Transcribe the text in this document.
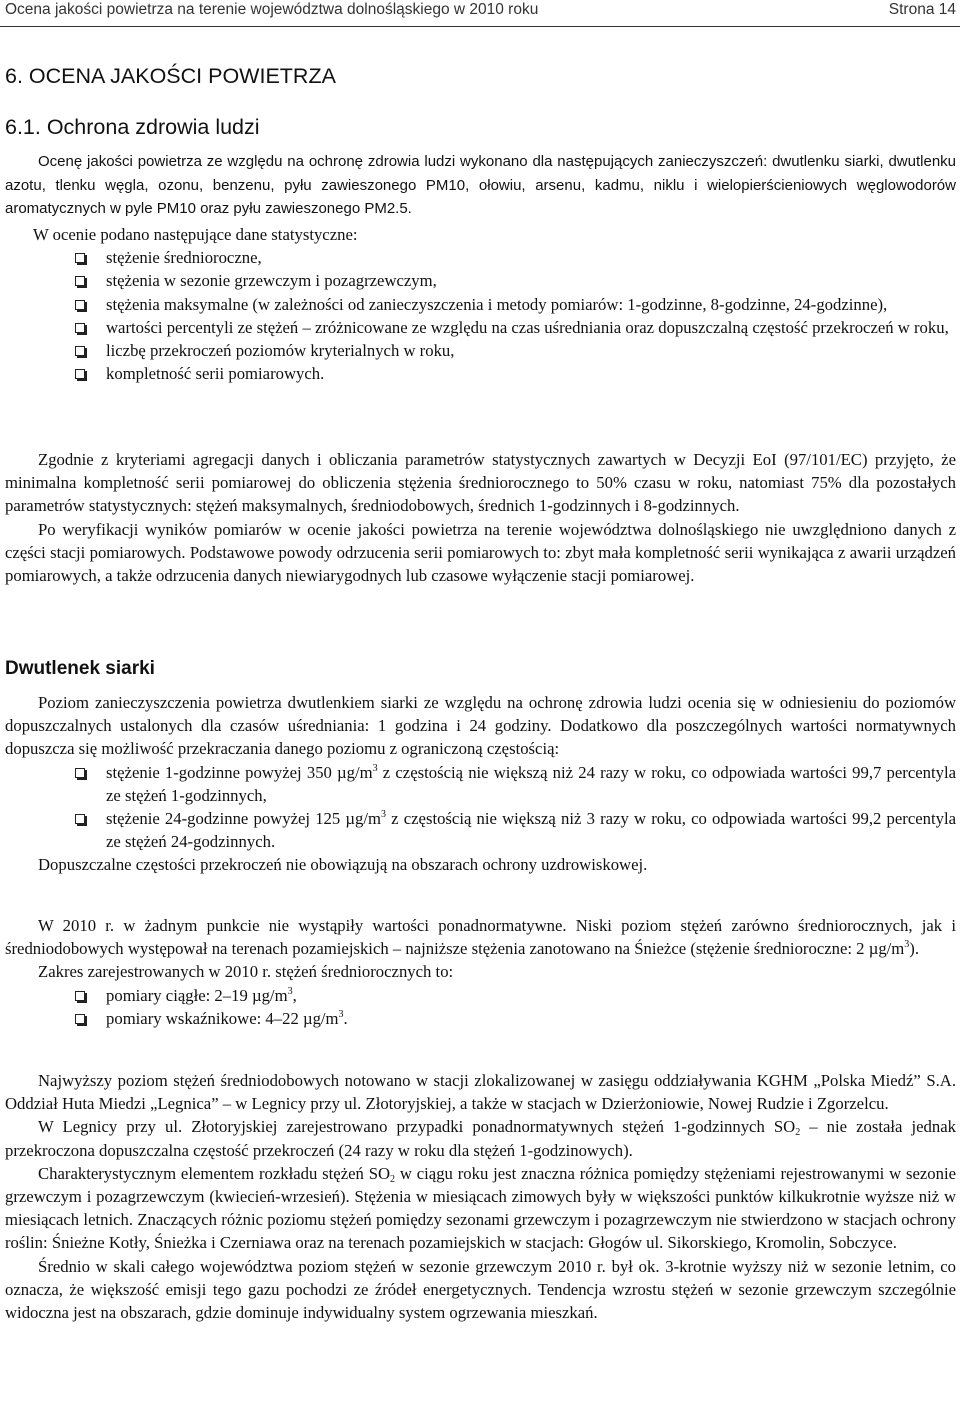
Ocena jakości powietrza na terenie województwa dolnośląskiego w 2010 roku	Strona 14
6. OCENA JAKOŚCI POWIETRZA
6.1. Ochrona zdrowia ludzi

Ocenę jakości powietrza ze względu na ochronę zdrowia ludzi wykonano dla następujących zanieczyszczeń: dwutlenku siarki, dwutlenku azotu, tlenku węgla, ozonu, benzenu, pyłu zawieszonego PM10, ołowiu, arsenu, kadmu, niklu i wielopierścieniowych węglowodorów aromatycznych w pyle PM10 oraz pyłu zawieszonego PM2.5.

W ocenie podano następujące dane statystyczne:

stężenie średnioroczne,
stężenia w sezonie grzewczym i pozagrzewczym,
stężenia maksymalne (w zależności od zanieczyszczenia i metody pomiarów: 1-godzinne, 8-godzinne, 24-godzinne),
wartości percentyli ze stężeń – zróżnicowane ze względu na czas uśredniania oraz dopuszczalną częstość przekroczeń w roku,
liczbę przekroczeń poziomów kryterialnych w roku,
kompletność serii pomiarowych.

Zgodnie z kryteriami agregacji danych i obliczania parametrów statystycznych zawartych w Decyzji EoI (97/101/EC) przyjęto, że minimalna kompletność serii pomiarowej do obliczenia stężenia średniorocznego to 50% czasu w roku, natomiast 75% dla pozostałych parametrów statystycznych: stężeń maksymalnych, średniodobowych, średnich 1-godzinnych i 8-godzinnych.

Po weryfikacji wyników pomiarów w ocenie jakości powietrza na terenie województwa dolnośląskiego nie uwzględniono danych z części stacji pomiarowych. Podstawowe powody odrzucenia serii pomiarowych to: zbyt mała kompletność serii wynikająca z awarii urządzeń pomiarowych, a także odrzucenia danych niewiarygodnych lub czasowe wyłączenie stacji pomiarowej.

Dwutlenek siarki

Poziom zanieczyszczenia powietrza dwutlenkiem siarki ze względu na ochronę zdrowia ludzi ocenia się w odniesieniu do poziomów dopuszczalnych ustalonych dla czasów uśredniania: 1 godzina i 24 godziny. Dodatkowo dla poszczególnych wartości normatywnych dopuszcza się możliwość przekraczania danego poziomu z ograniczoną częstością:

stężenie 1-godzinne powyżej 350 $\mu g/m^3$ z częstością nie większą niż 24 razy w roku, co odpowiada wartości 99,7 percentyla ze stężeń 1-godzinnych,
stężenie 24-godzinne powyżej 125 $\mu g/m^3$ z częstością nie większą niż 3 razy w roku, co odpowiada wartości 99,2 percentyla ze stężeń 24-godzinnych.

Dopuszczalne częstości przekroczeń nie obowiązują na obszarach ochrony uzdrowiskowej.

W 2010 r. w żadnym punkcie nie wystąpiły wartości ponadnormatywne. Niski poziom stężeń zarówno średniorocznych, jak i średniodobowych występował na terenach pozamiejskich – najniższe stężenia zanotowano na Śnieżce (stężenie średnioroczne: 2 $\mu g/m^3$).

Zakres zarejestrowanych w 2010 r. stężeń średniorocznych to:

pomiary ciągłe: 2–19 $\mu g/m^3$,
pomiary wskaźnikowe: 4–22 $\mu g/m^3$.

Najwyższy poziom stężeń średniodobowych notowano w stacji zlokalizowanej w zasięgu oddziaływania KGHM „Polska Miedź” S.A. Oddział Huta Miedzi „Legnica” – w Legnicy przy ul. Złotoryjskiej, a także w stacjach w Dzierżoniowie, Nowej Rudzie i Zgorzelcu.

W Legnicy przy ul. Złotoryjskiej zarejestrowano przypadki ponadnormatywnych stężeń 1-godzinnych $SO_2$ – nie została jednak przekroczona dopuszczalna częstość przekroczeń (24 razy w roku dla stężeń 1-godzinowych).

Charakterystycznym elementem rozkładu stężeń $SO_2$ w ciągu roku jest znaczna różnica pomiędzy stężeniami rejestrowanymi w sezonie grzewczym i pozagrzewczym (kwiecień-wrzesień). Stężenia w miesiącach zimowych były w większości punktów kilkukrotnie wyższe niż w miesiącach letnich. Znaczących różnic poziomu stężeń pomiędzy sezonami grzewczym i pozagrzewczym nie stwierdzono w stacjach ochrony roślin: Śnieżne Kotły, Śnieżka i Czerniawa oraz na terenach pozamiejskich w stacjach: Głogów ul. Sikorskiego, Kromolin, Sobczyce.

Średnio w skali całego województwa poziom stężeń w sezonie grzewczym 2010 r. był ok. 3-krotnie wyższy niż w sezonie letnim, co oznacza, że większość emisji tego gazu pochodzi ze źródeł energetycznych. Tendencja wzrostu stężeń w sezonie grzewczym szczególnie widoczna jest na obszarach, gdzie dominuje indywidualny system ogrzewania mieszkań.
